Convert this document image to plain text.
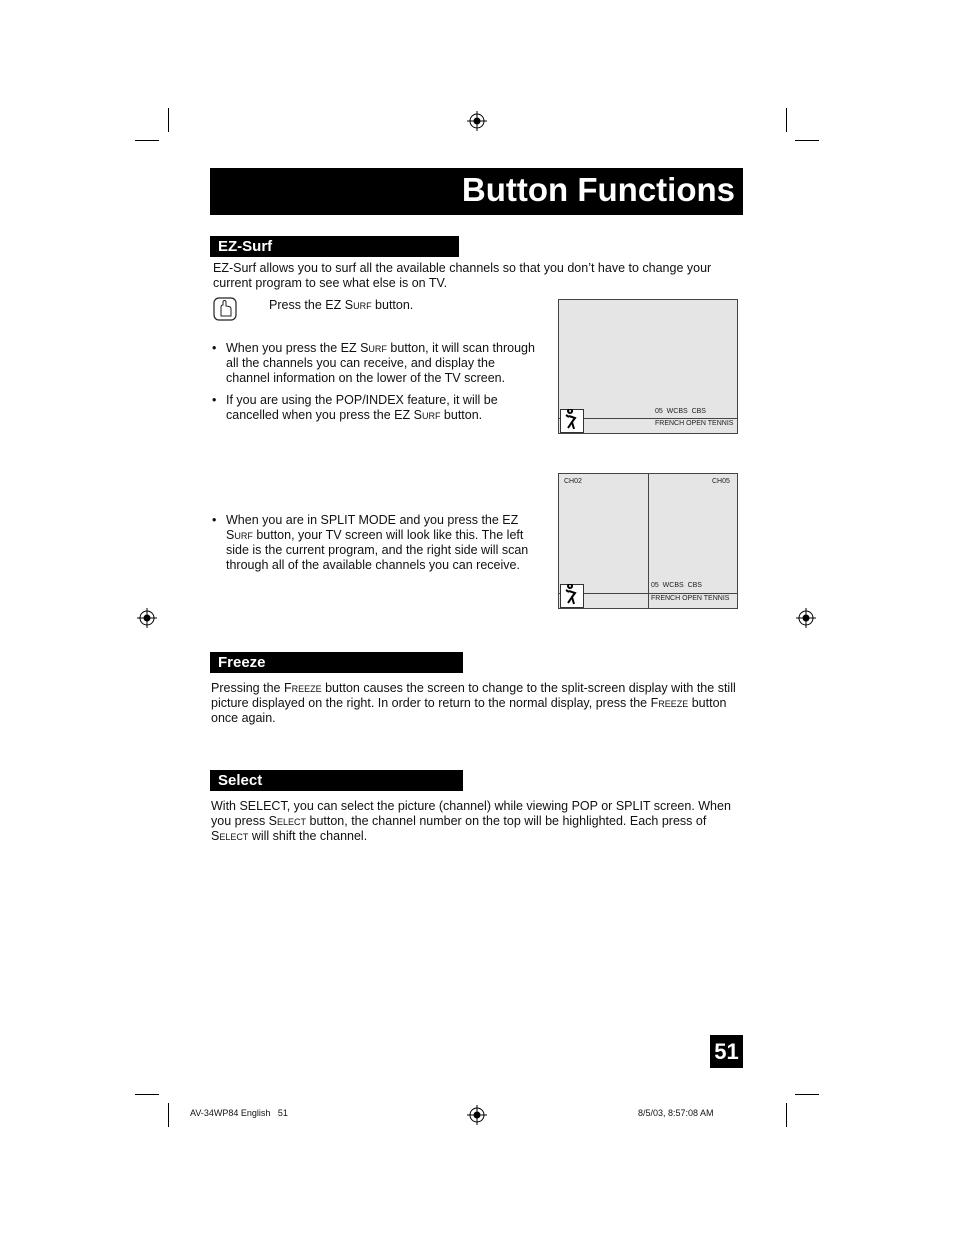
Button Functions
EZ-Surf
EZ-Surf allows you to surf all the available channels so that you don’t have to change your current program to see what else is on TV.
Press the EZ Surf button.
• When you press the EZ Surf button, it will scan through all the channels you can receive, and display the channel information on the lower of the TV screen.
• If you are using the POP/INDEX feature, it will be cancelled when you press the EZ Surf button.	05  WCBS  CBS
FRENCH OPEN TENNIS
• When you are in SPLIT MODE and you press the EZ Surf button, your TV screen will look like this. The left side is the current program, and the right side will scan through all of the available channels you can receive.
CH02	CH05
05  WCBS  CBS
FRENCH OPEN TENNIS
Freeze
Pressing the Freeze button causes the screen to change to the split-screen display with the still picture displayed on the right. In order to return to the normal display, press the Freeze button once again.
Select
With SELECT, you can select the picture (channel) while viewing POP or SPLIT screen. When you press Select button, the channel number on the top will be highlighted. Each press of Select will shift the channel.
51
AV-34WP84 English   51	8/5/03, 8:57:08 AM
